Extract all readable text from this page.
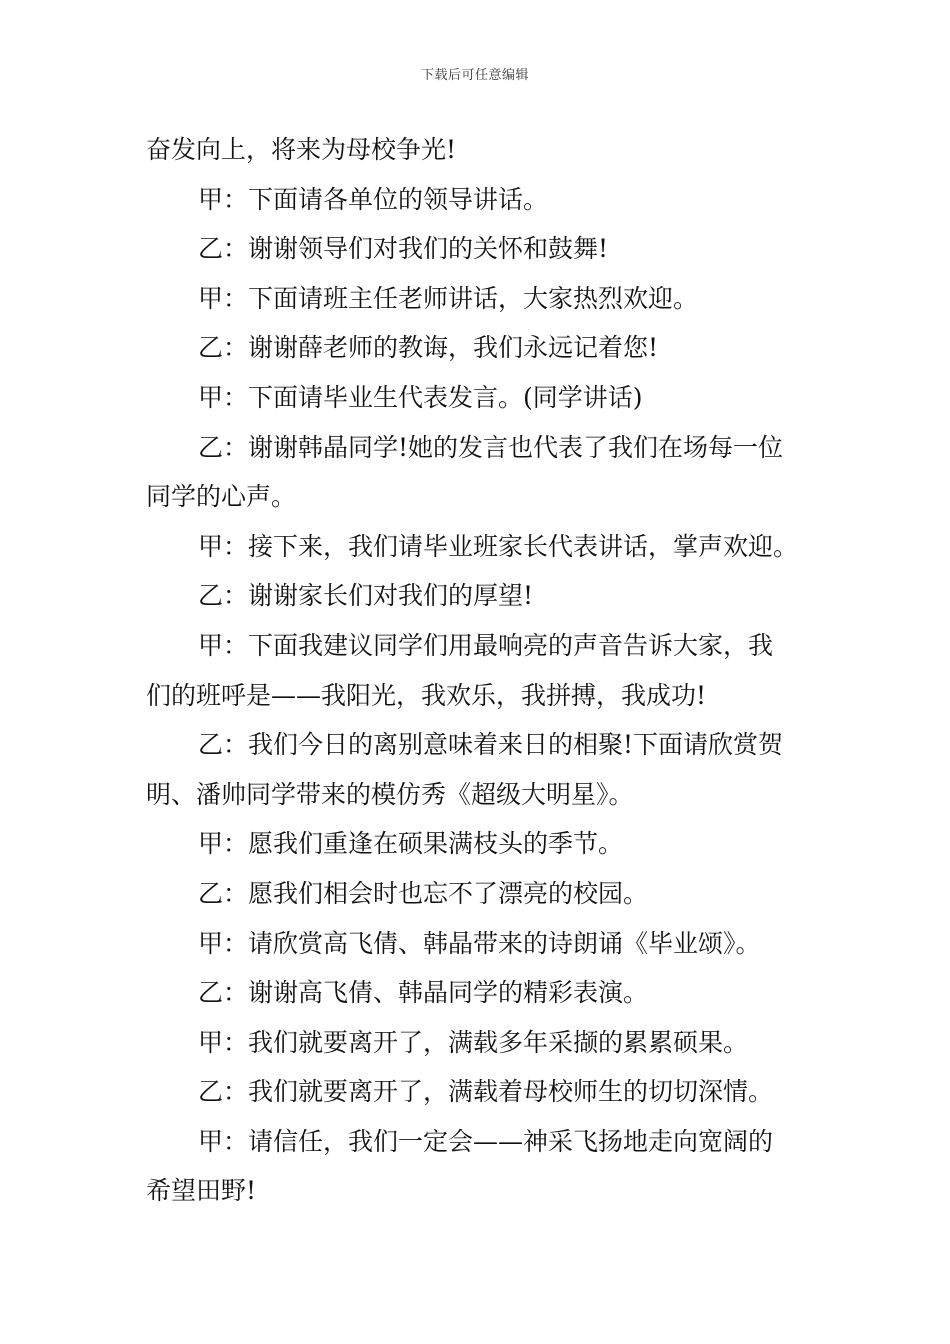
下载后可任意编辑
奋发向上，将来为母校争光!
甲：下面请各单位的领导讲话。
乙：谢谢领导们对我们的关怀和鼓舞!
甲：下面请班主任老师讲话，大家热烈欢迎。
乙：谢谢薛老师的教诲，我们永远记着您!
甲：下面请毕业生代表发言。(同学讲话)
乙：谢谢韩晶同学!她的发言也代表了我们在场每一位
同学的心声。
甲：接下来，我们请毕业班家长代表讲话，掌声欢迎。
乙：谢谢家长们对我们的厚望!
甲：下面我建议同学们用最响亮的声音告诉大家，我
们的班呼是——我阳光，我欢乐，我拼搏，我成功!
乙：我们今日的离别意味着来日的相聚!下面请欣赏贺
明、潘帅同学带来的模仿秀《超级大明星》。
甲：愿我们重逢在硕果满枝头的季节。
乙：愿我们相会时也忘不了漂亮的校园。
甲：请欣赏高飞倩、韩晶带来的诗朗诵《毕业颂》。
乙：谢谢高飞倩、韩晶同学的精彩表演。
甲：我们就要离开了，满载多年采撷的累累硕果。
乙：我们就要离开了，满载着母校师生的切切深情。
甲：请信任，我们一定会——神采飞扬地走向宽阔的
希望田野!
